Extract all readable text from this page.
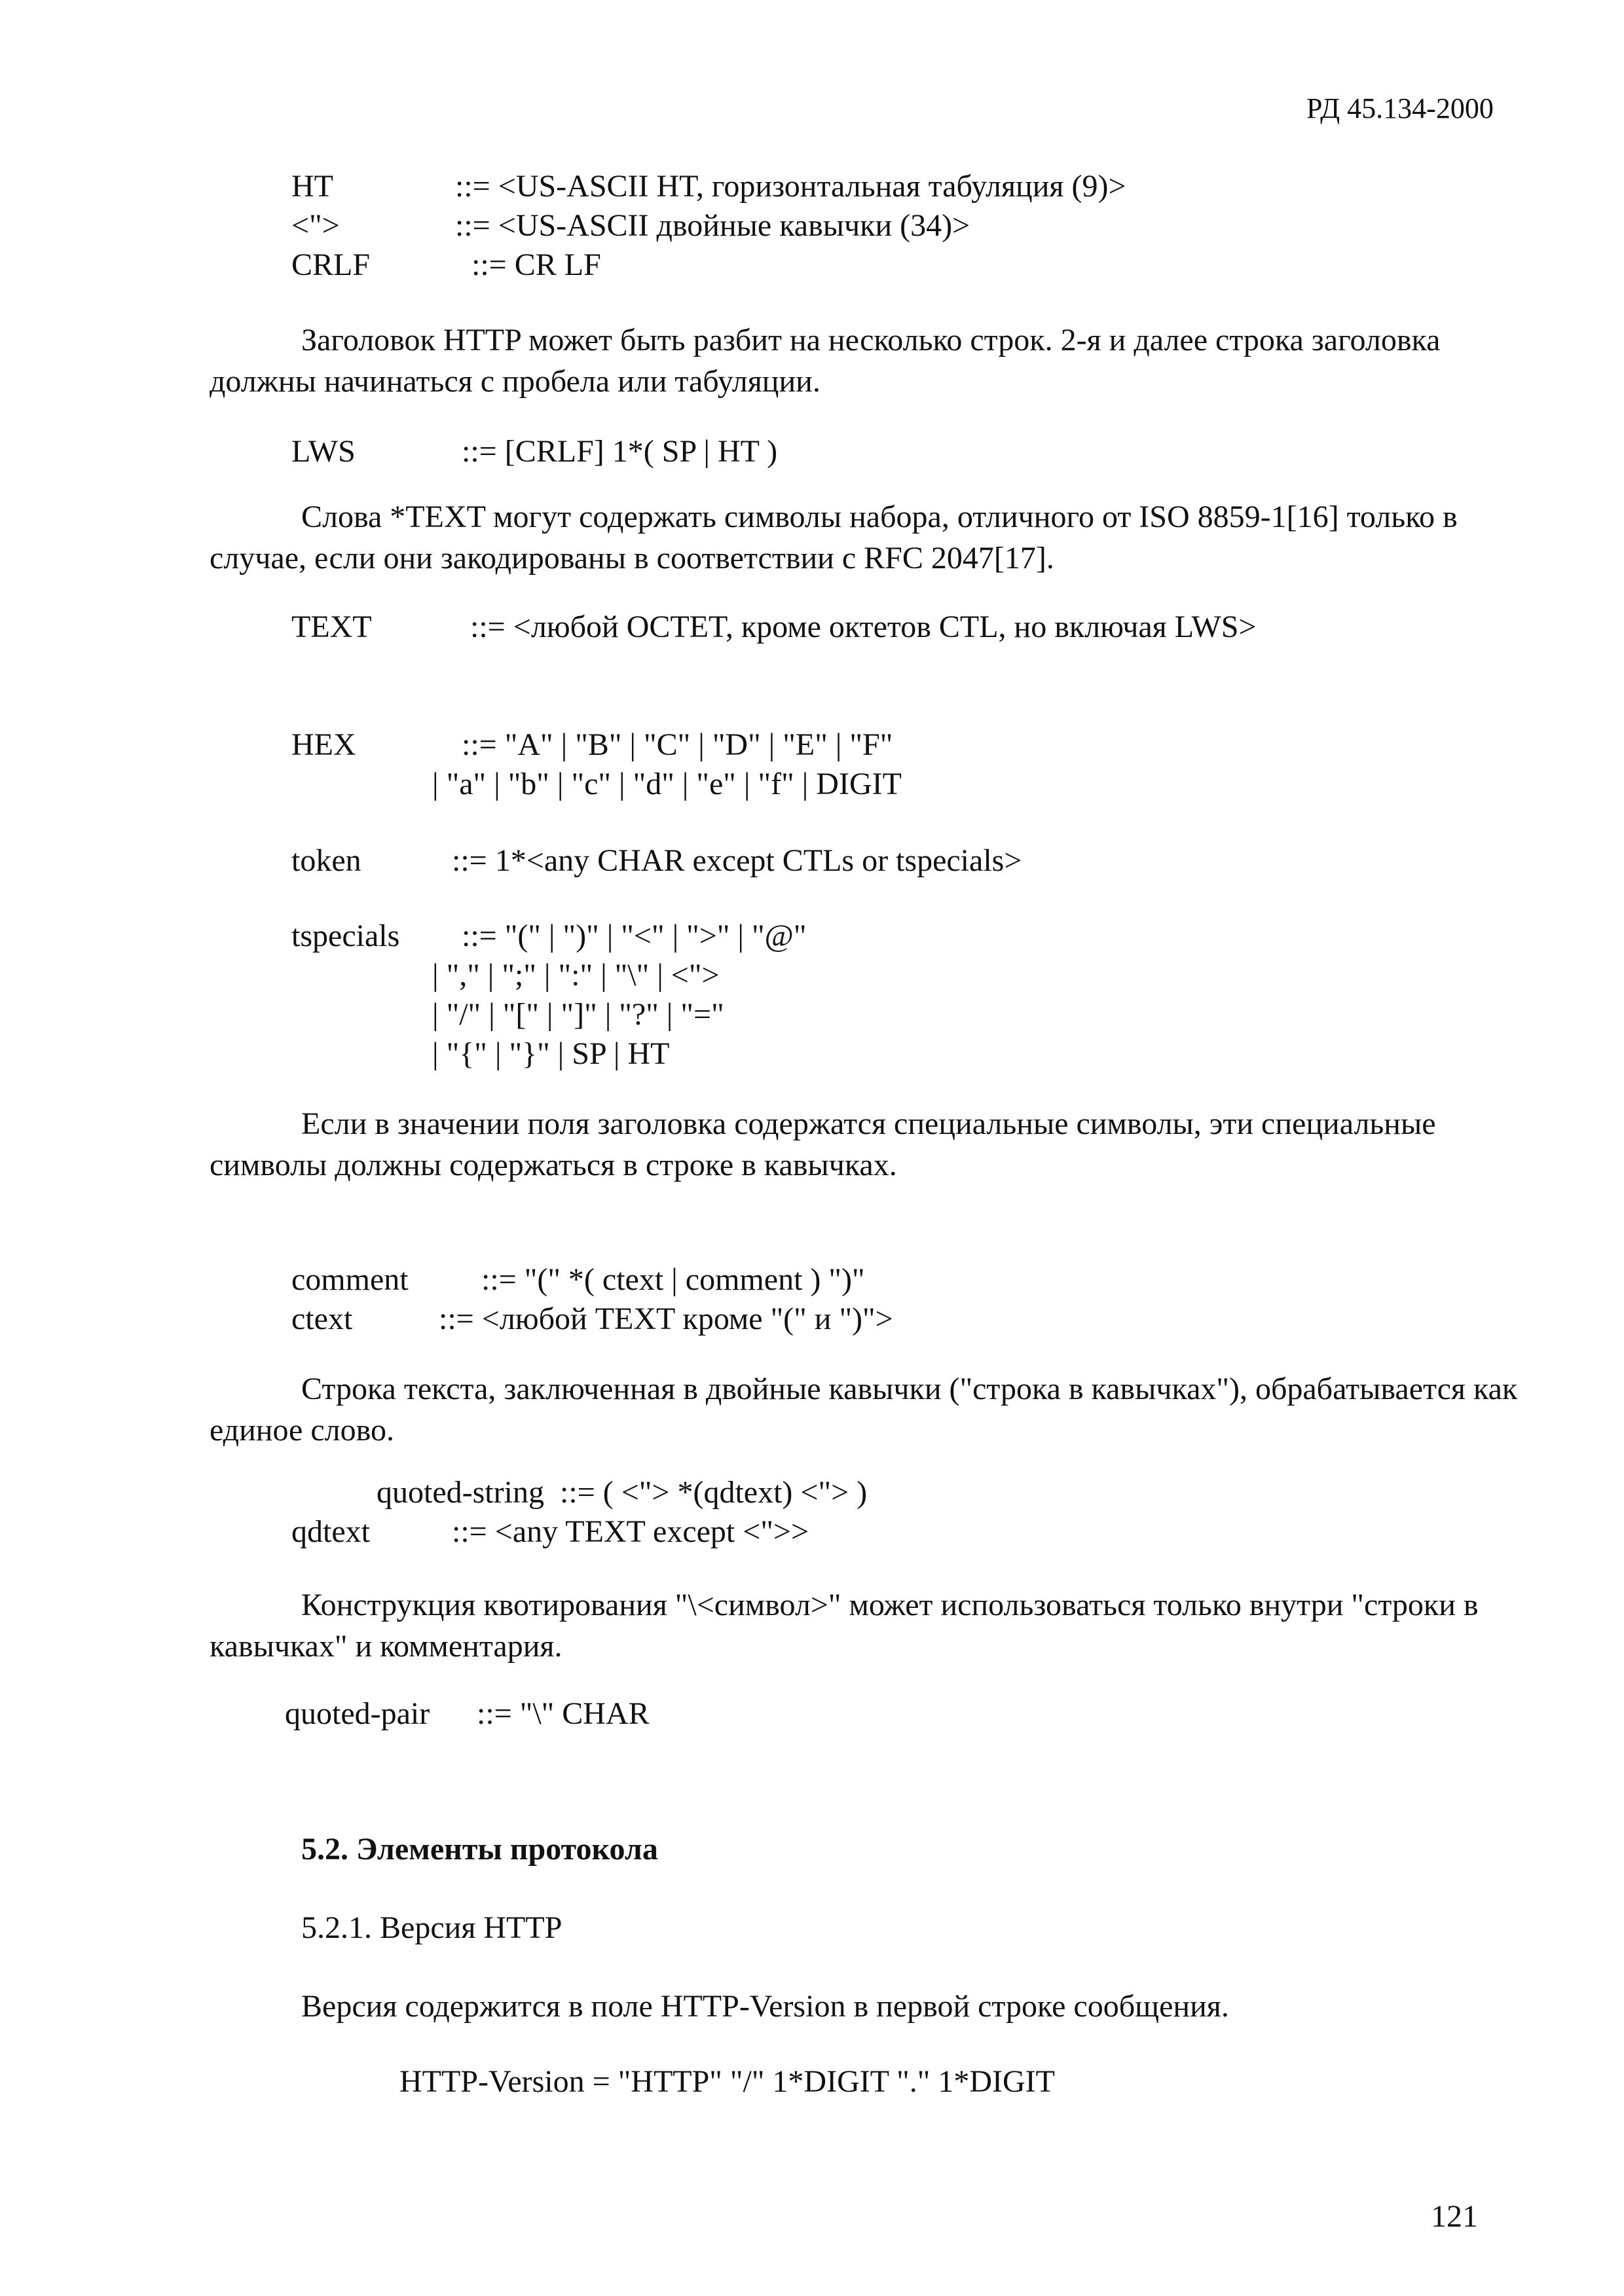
РД 45.134-2000
HT	::= <US-ASCII HT, горизонтальная табуляция (9)>
<">	::= <US-ASCII двойные кавычки (34)>
CRLF	::= CR LF
Заголовок HTTP может быть разбит на несколько строк. 2-я и далее строка заголовка должны начинаться с пробела или табуляции.
LWS	::= [CRLF] 1*( SP | HT )
Слова *TEXT могут содержать символы набора, отличного от ISO 8859-1[16] только в случае, если они закодированы в соответствии с RFC 2047[17].
TEXT	::= <любой OCTET, кроме октетов CTL, но включая LWS>
HEX	::= "A" | "B" | "C" | "D" | "E" | "F"
| "a" | "b" | "c" | "d" | "e" | "f" | DIGIT
token	::= 1*<any CHAR except CTLs or tspecials>
tspecials ::= "(" | ")" | "<" | ">" | "@"
| "," | ";" | ":" | "\" | <">
| "/" | "[" | "]" | "?" | "="
| "{" | "}" | SP | HT
Если в значении поля заголовка содержатся специальные символы, эти специальные символы должны содержаться в строке в кавычках.
comment ::= "(" *( ctext | comment ) ")"
ctext	::= <любой TEXT кроме "(" и ")">
Строка текста, заключенная в двойные кавычки ("строка в кавычках"), обрабатывается как единое слово.
quoted-string ::= ( <"> *(qdtext) <"> )
qdtext	::= <any TEXT except <">>
Конструкция квотирования "\<символ>" может использоваться только внутри "строки в кавычках" и комментария.
quoted-pair ::= "\" CHAR
5.2. Элементы протокола
5.2.1. Версия HTTP
Версия содержится в поле HTTP-Version в первой строке сообщения.
HTTP-Version = "HTTP" "/" 1*DIGIT "." 1*DIGIT
121
